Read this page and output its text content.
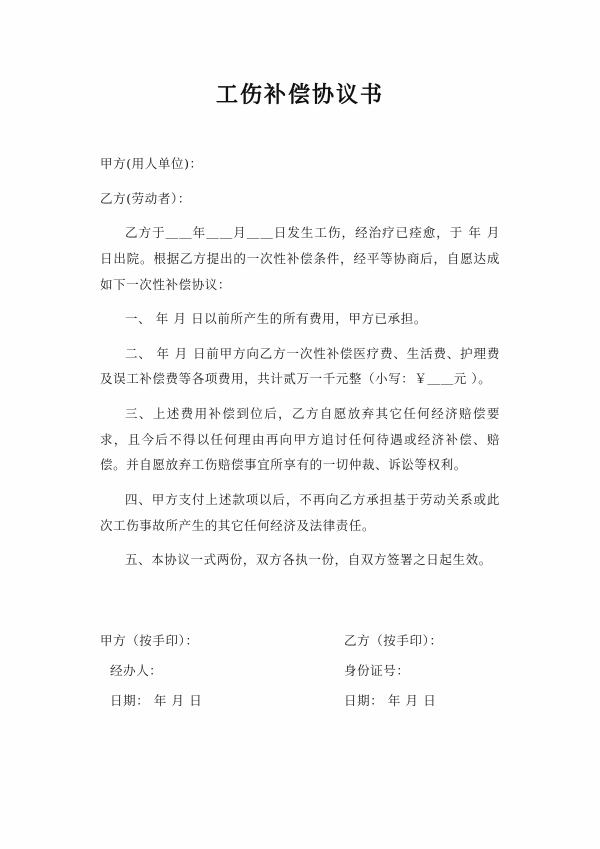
工伤补偿协议书
甲方(用人单位)：
乙方(劳动者）：
乙方于＿＿年＿＿月＿＿日发生工伤，经治疗已痊愈，于 年 月 日出院。根据乙方提出的一次性补偿条件，经平等协商后，自愿达成如下一次性补偿协议：
一、 年 月 日以前所产生的所有费用，甲方已承担。
二、 年 月 日前甲方向乙方一次性补偿医疗费、生活费、护理费及误工补偿费等各项费用，共计贰万一千元整（小写：￥＿＿元 ）。
三、上述费用补偿到位后，乙方自愿放弃其它任何经济赔偿要求，且今后不得以任何理由再向甲方追讨任何待遇或经济补偿、赔偿。并自愿放弃工伤赔偿事宜所享有的一切仲裁、诉讼等权利。
四、甲方支付上述款项以后，不再向乙方承担基于劳动关系或此次工伤事故所产生的其它任何经济及法律责任。
五、本协议一式两份，双方各执一份，自双方签署之日起生效。
甲方（按手印）：	乙方（按手印）：
经办人：	身份证号：
日期： 年 月 日	日期： 年 月 日
